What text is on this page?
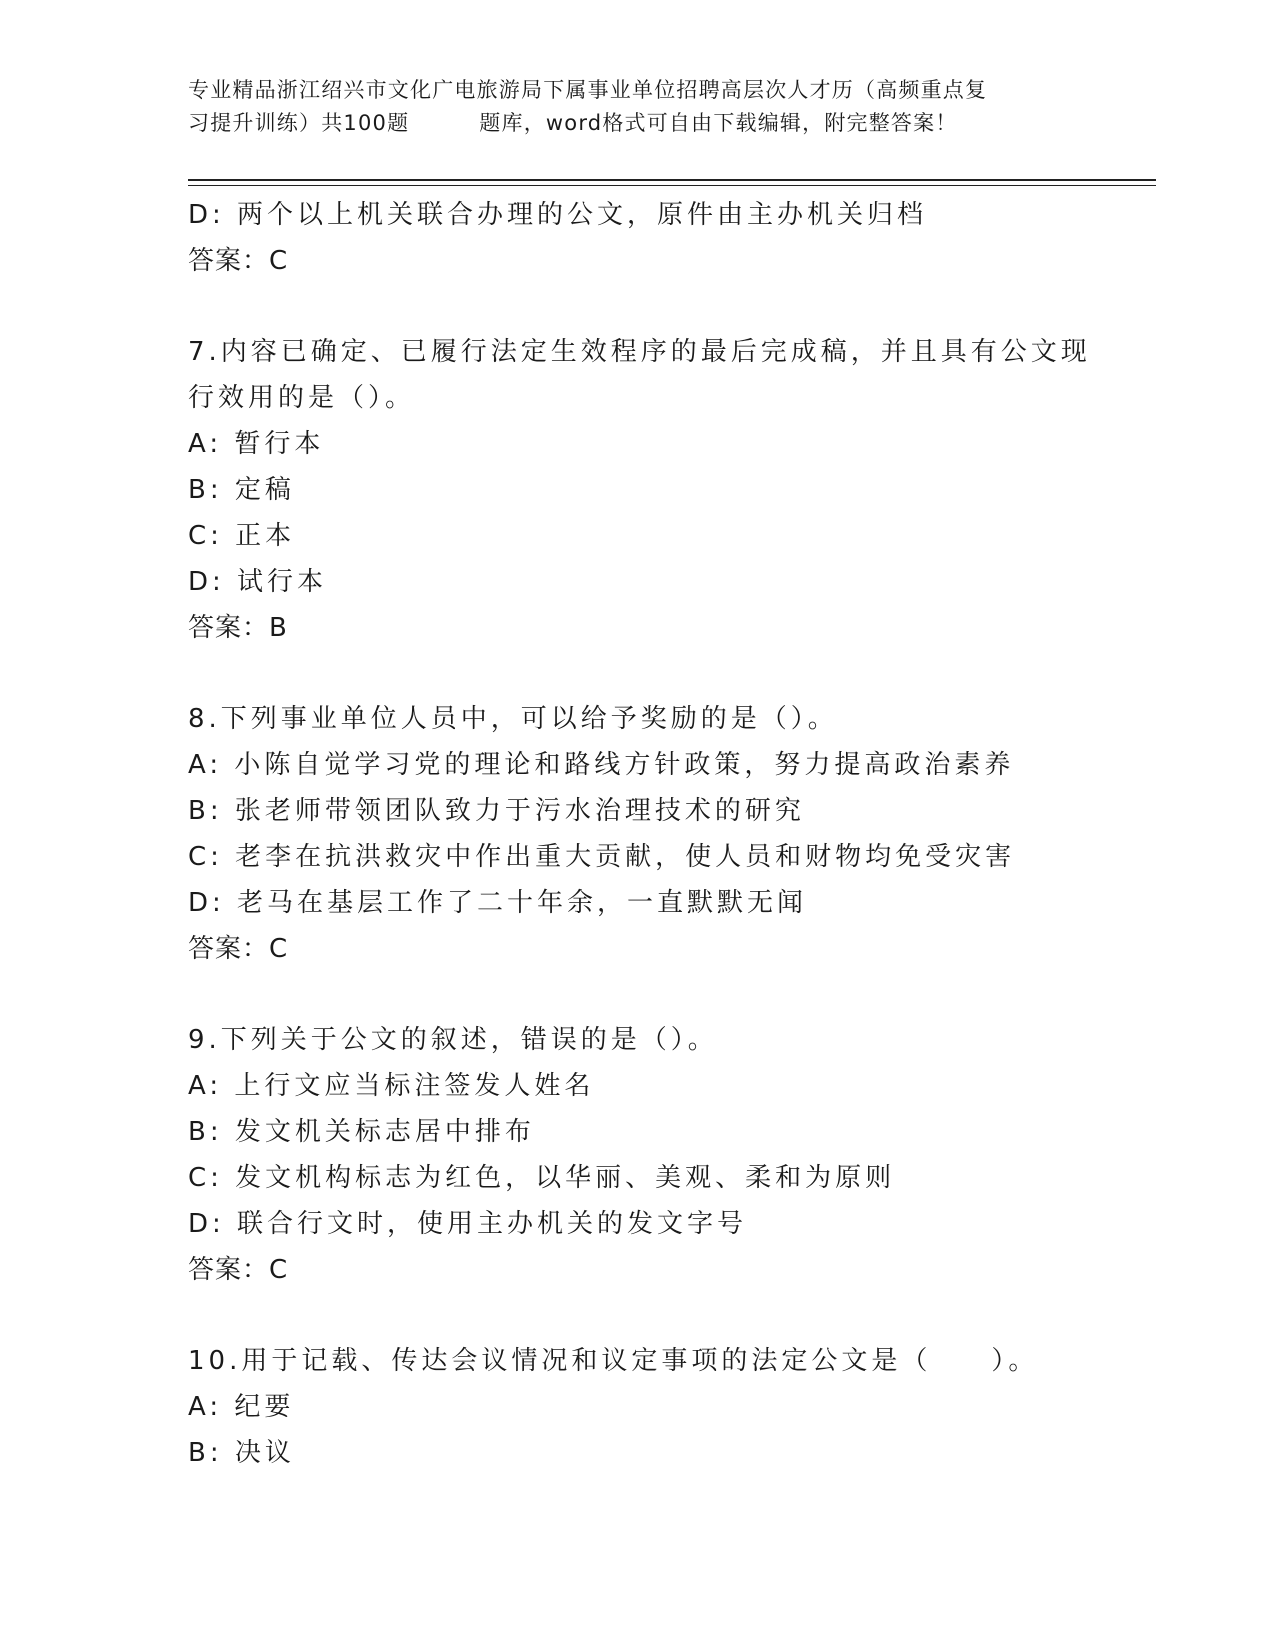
专业精品浙江绍兴市文化广电旅游局下属事业单位招聘高层次人才历（高频重点复
习提升训练）共100题	题库，word格式可自由下载编辑，附完整答案！
D: 两个以上机关联合办理的公文，原件由主办机关归档
答案：C
7.内容已确定、已履行法定生效程序的最后完成稿，并且具有公文现
行效用的是（）。
A: 暂行本
B: 定稿
C: 正本
D: 试行本
答案：B
8.下列事业单位人员中，可以给予奖励的是（）。
A: 小陈自觉学习党的理论和路线方针政策，努力提高政治素养
B: 张老师带领团队致力于污水治理技术的研究
C: 老李在抗洪救灾中作出重大贡献，使人员和财物均免受灾害
D: 老马在基层工作了二十年余，一直默默无闻
答案：C
9.下列关于公文的叙述，错误的是（）。
A: 上行文应当标注签发人姓名
B: 发文机关标志居中排布
C: 发文机构标志为红色，以华丽、美观、柔和为原则
D: 联合行文时，使用主办机关的发文字号
答案：C
10.用于记载、传达会议情况和议定事项的法定公文是（　　）。
A: 纪要
B: 决议
